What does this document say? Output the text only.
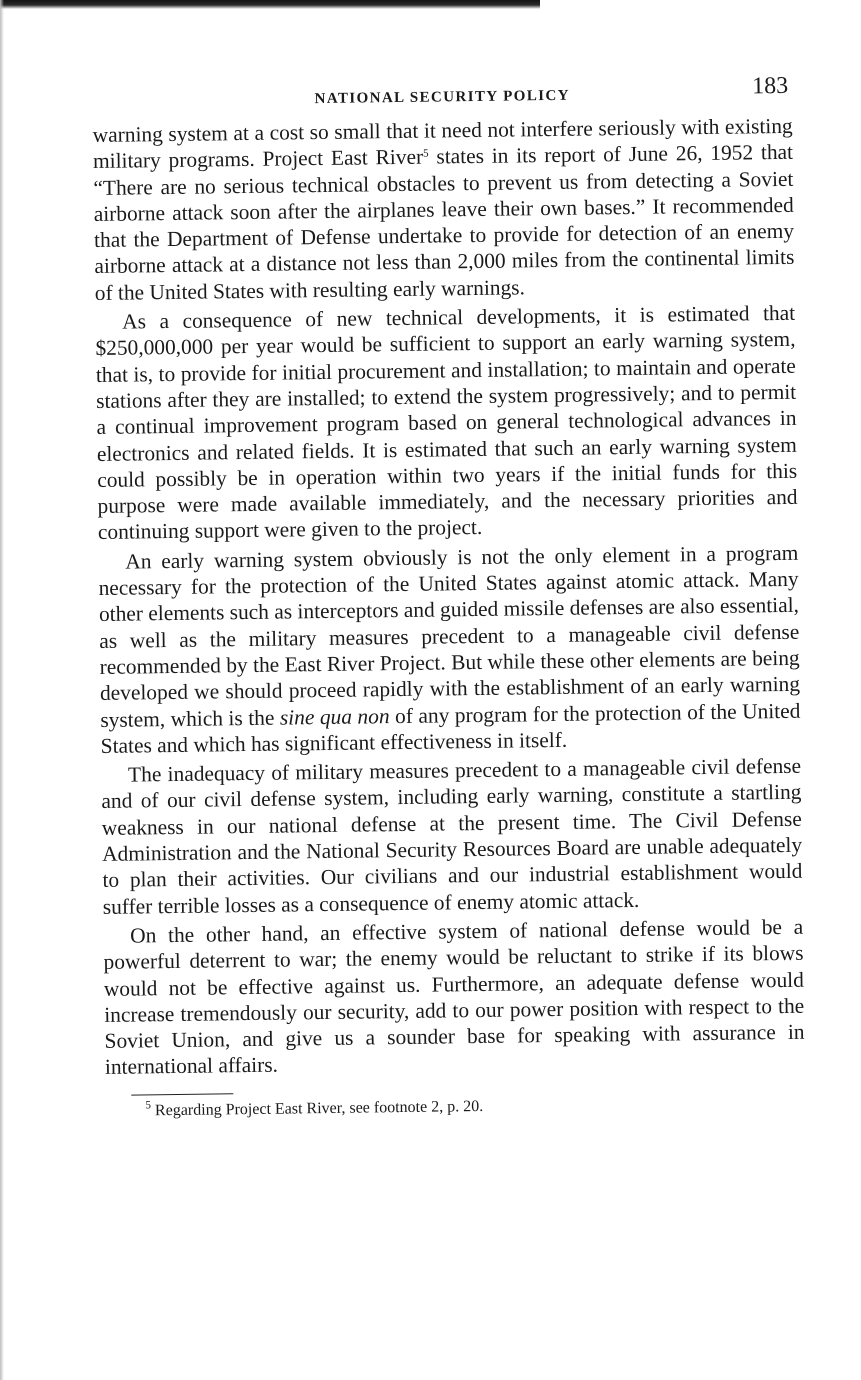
NATIONAL SECURITY POLICY	183

warning system at a cost so small that it need not interfere seriously with existing military programs. Project East River$^5$ states in its report of June 26, 1952 that “There are no serious technical obstacles to prevent us from detecting a Soviet airborne attack soon after the airplanes leave their own bases.” It recommended that the Department of Defense undertake to provide for detection of an enemy airborne attack at a distance not less than 2,000 miles from the continental limits of the United States with resulting early warnings.

As a consequence of new technical developments, it is estimated that $250,000,000 per year would be sufficient to support an early warning system, that is, to provide for initial procurement and installation; to maintain and operate stations after they are installed; to extend the system progressively; and to permit a continual improvement program based on general technological advances in electronics and related fields. It is estimated that such an early warning system could possibly be in operation within two years if the initial funds for this purpose were made available immediately, and the necessary priorities and continuing support were given to the project.

An early warning system obviously is not the only element in a program necessary for the protection of the United States against atomic attack. Many other elements such as interceptors and guided missile defenses are also essential, as well as the military measures precedent to a manageable civil defense recommended by the East River Project. But while these other elements are being developed we should proceed rapidly with the establishment of an early warning system, which is the sine qua non of any program for the protection of the United States and which has significant effectiveness in itself.

The inadequacy of military measures precedent to a manageable civil defense and of our civil defense system, including early warning, constitute a startling weakness in our national defense at the present time. The Civil Defense Administration and the National Security Resources Board are unable adequately to plan their activities. Our civilians and our industrial establishment would suffer terrible losses as a consequence of enemy atomic attack.

On the other hand, an effective system of national defense would be a powerful deterrent to war; the enemy would be reluctant to strike if its blows would not be effective against us. Furthermore, an adequate defense would increase tremendously our security, add to our power position with respect to the Soviet Union, and give us a sounder base for speaking with assurance in international affairs.

$^5$ Regarding Project East River, see footnote 2, p. 20.
